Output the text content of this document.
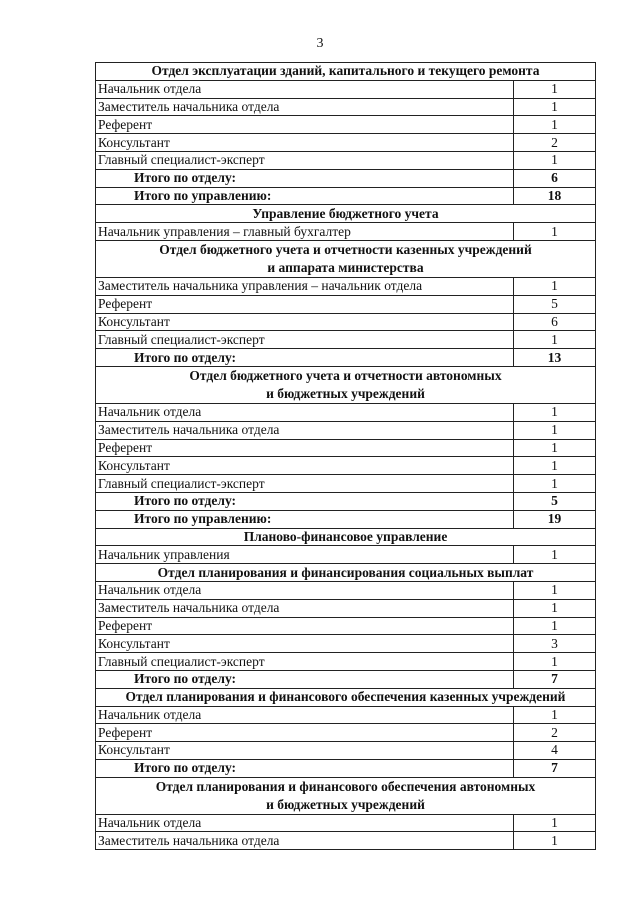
3
Отдел эксплуатации зданий, капитального и текущего ремонта	
Начальник отдела	1
Заместитель начальника отдела	1
Референт	1
Консультант	2
Главный специалист-эксперт	1
Итого по отделу:	6
Итого по управлению:	18
Управление бюджетного учета	
Начальник управления – главный бухгалтер	1

Отдел бюджетного учета и отчетности казенных учреждений
и аппарата министерства	

Заместитель начальника управления – начальник отдела	1
Референт	5
Консультант	6
Главный специалист-эксперт	1
Итого по отделу:	13

Отдел бюджетного учета и отчетности автономных
и бюджетных учреждений	

Начальник отдела	1
Заместитель начальника отдела	1
Референт	1
Консультант	1
Главный специалист-эксперт	1
Итого по отделу:	5
Итого по управлению:	19
Планово-финансовое управление	
Начальник управления	1
Отдел планирования и финансирования социальных выплат	
Начальник отдела	1
Заместитель начальника отдела	1
Референт	1
Консультант	3
Главный специалист-эксперт	1
Итого по отделу:	7
Отдел планирования и финансового обеспечения казенных учреждений	
Начальник отдела	1
Референт	2
Консультант	4
Итого по отделу:	7

Отдел планирования и финансового обеспечения автономных
и бюджетных учреждений	

Начальник отдела	1
Заместитель начальника отдела	1
